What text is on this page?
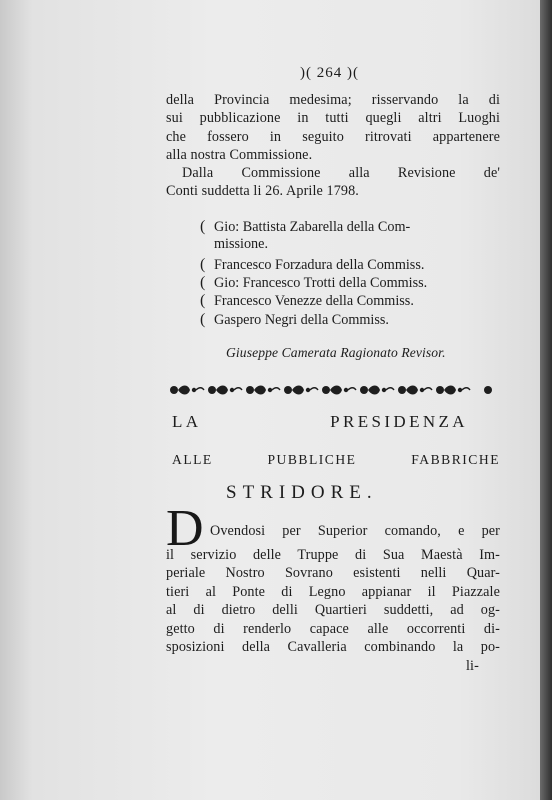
)( 264 )(
della Provincia medesima; risservando la di
sui pubblicazione in tutti quegli altri Luoghi
che fossero in seguito ritrovati appartenere
alla nostra Commissione.
Dalla Commissione alla Revisione de'
Conti suddetta li 26. Aprile 1798.
( Gio: Battista Zabarella della Com-
missione.
( Francesco Forzadura della Commiss.
( Gio: Francesco Trotti della Commiss.
( Francesco Venezze della Commiss.
( Gaspero Negri della Commiss.
Giuseppe Camerata Ragionato Revisor.
LA PRESIDENZA
ALLE PUBBLICHE FABBRICHE
STRIDORE.
D Ovendosi per Superior comando, e per
il servizio delle Truppe di Sua Maestà Im-
periale Nostro Sovrano esistenti nelli Quar-
tieri al Ponte di Legno appianar il Piazzale
al di dietro delli Quartieri suddetti, ad og-
getto di renderlo capace alle occorrenti di-
sposizioni della Cavalleria combinando la po-
li-
